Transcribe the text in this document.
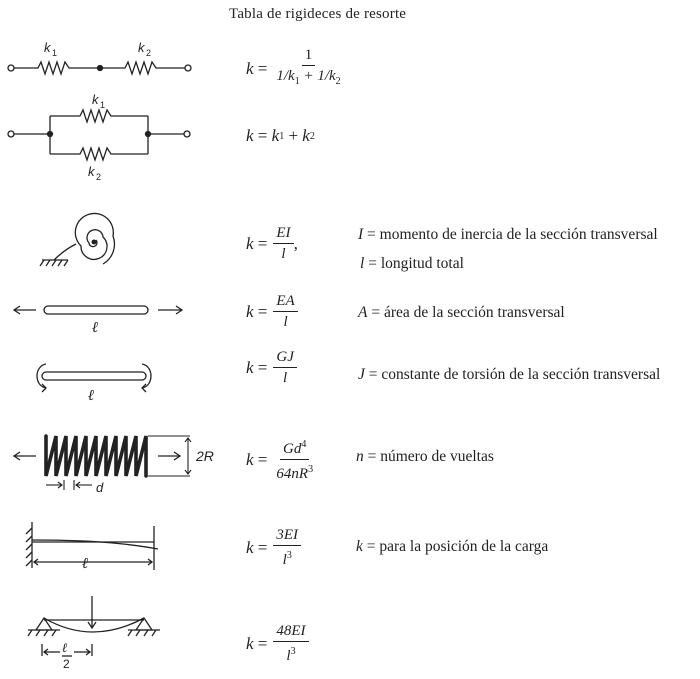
Tabla de rigideces de resorte
k 1	k 2
k
= $\frac{1}{1/k_1 + 1/k_2}$
k 1
k 2
k
=
k 1
+
k 2
k
= $\frac{EI}{l}$ ,	I = momento de inercia de la sección transversal
l = longitud total
ℓ
k
= $\frac{EA}{l}$	A = área de la sección transversal
ℓ
k
= $\frac{GJ}{l}$	J = constante de torsión de la sección transversal
2R
d
k
= $\frac{Gd^4}{64nR^3}$	n = número de vueltas
ℓ
k
= $\frac{3EI}{l^3}$	k = para la posición de la carga
ℓ
2
k
= $\frac{48EI}{l^3}$
